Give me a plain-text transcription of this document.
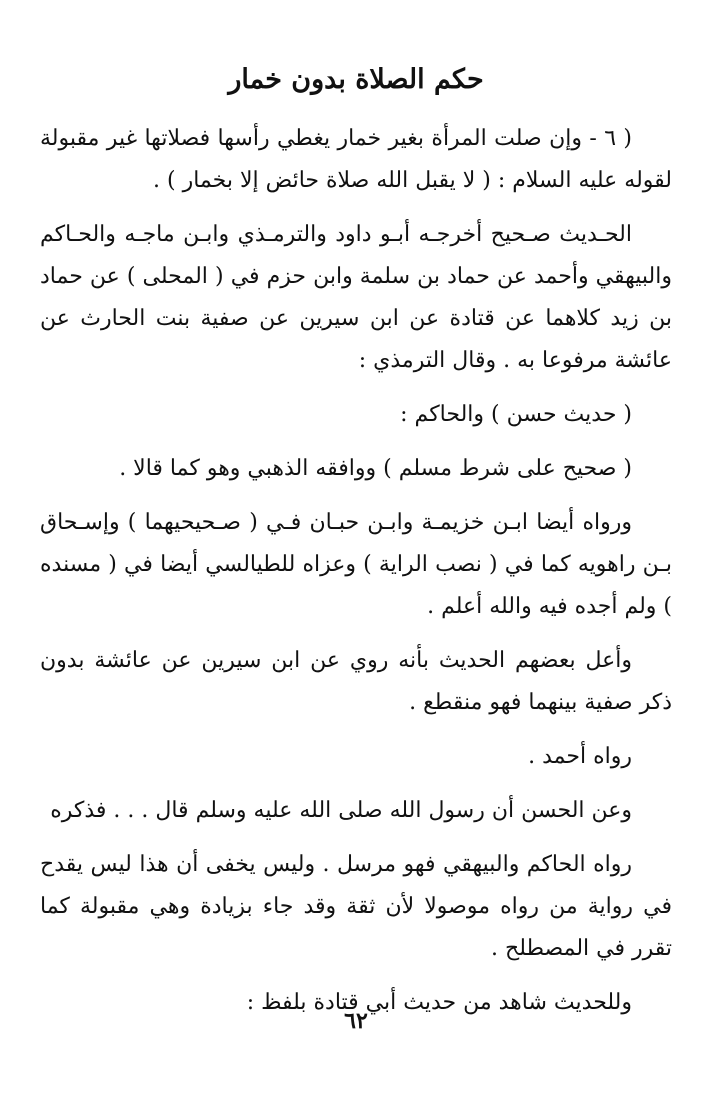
حكم الصلاة بدون خمار

( ٦ - وإن صلت المرأة بغير خمار يغطي رأسها فصلاتها غير مقبولة لقوله عليه السلام : ( لا يقبل الله صلاة حائض إلا بخمار ) .

الحـديث صـحيح أخرجـه أبـو داود والترمـذي وابـن ماجـه والحـاكم والبيهقي وأحمد عن حماد بن سلمة وابن حزم في ( المحلى ) عن حماد بن زيد كلاهما عن قتادة عن ابن سيرين عن صفية بنت الحارث عن عائشة مرفوعا به . وقال الترمذي :

( حديث حسن ) والحاكم :

( صحيح على شرط مسلم ) ووافقه الذهبي وهو كما قالا .

ورواه أيضا ابـن خزيمـة وابـن حبـان فـي ( صـحيحيهما ) وإسـحاق بـن راهويه كما في ( نصب الراية ) وعزاه للطيالسي أيضا في ( مسنده ) ولم أجده فيه والله أعلم .

وأعل بعضهم الحديث بأنه روي عن ابن سيرين عن عائشة بدون ذكر صفية بينهما فهو منقطع .

رواه أحمد .

وعن الحسن أن رسول الله صلى الله عليه وسلم قال . . . فذكره

رواه الحاكم والبيهقي فهو مرسل . وليس يخفى أن هذا ليس يقدح في رواية من رواه موصولا لأن ثقة وقد جاء بزيادة وهي مقبولة كما تقرر في المصطلح .

وللحديث شاهد من حديث أبي قتادة بلفظ :

٦٢
